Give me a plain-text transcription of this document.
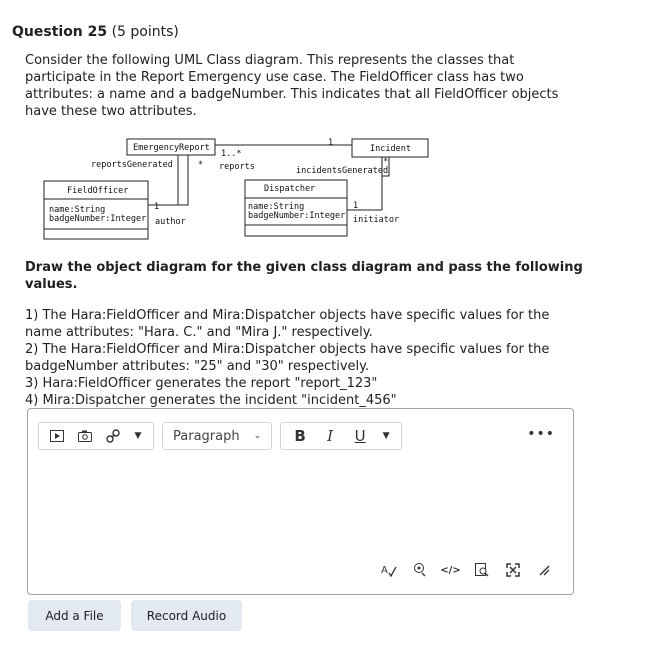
Question 25 (5 points)

Consider the following UML Class diagram. This represents the classes that participate in the Report Emergency use case. The FieldOfficer class has two attributes: a name and a badgeNumber. This indicates that all FieldOfficer objects have these two attributes.

EmergencyReport	Incident
FieldOfficer
name:String
badgeNumber:Integer
Dispatcher
name:String
badgeNumber:Integer
reportsGenerated	*
1..*
reports
1
incidentsGenerated
*
1
author
1
initiator
Draw the object diagram for the given class diagram and pass the following values.

1) The Hara:FieldOfficer and Mira:Dispatcher objects have specific values for the name attributes: "Hara. C." and "Mira J." respectively.

2) The Hara:FieldOfficer and Mira:Dispatcher objects have specific values for the badgeNumber attributes: "25" and "30" respectively.

3) Hara:FieldOfficer generates the report "report_123"

4) Mira:Dispatcher generates the incident "incident_456"

▼	Paragraph ⌄	B	I	U	▼	•••
A	</>
Add a File	Record Audio
